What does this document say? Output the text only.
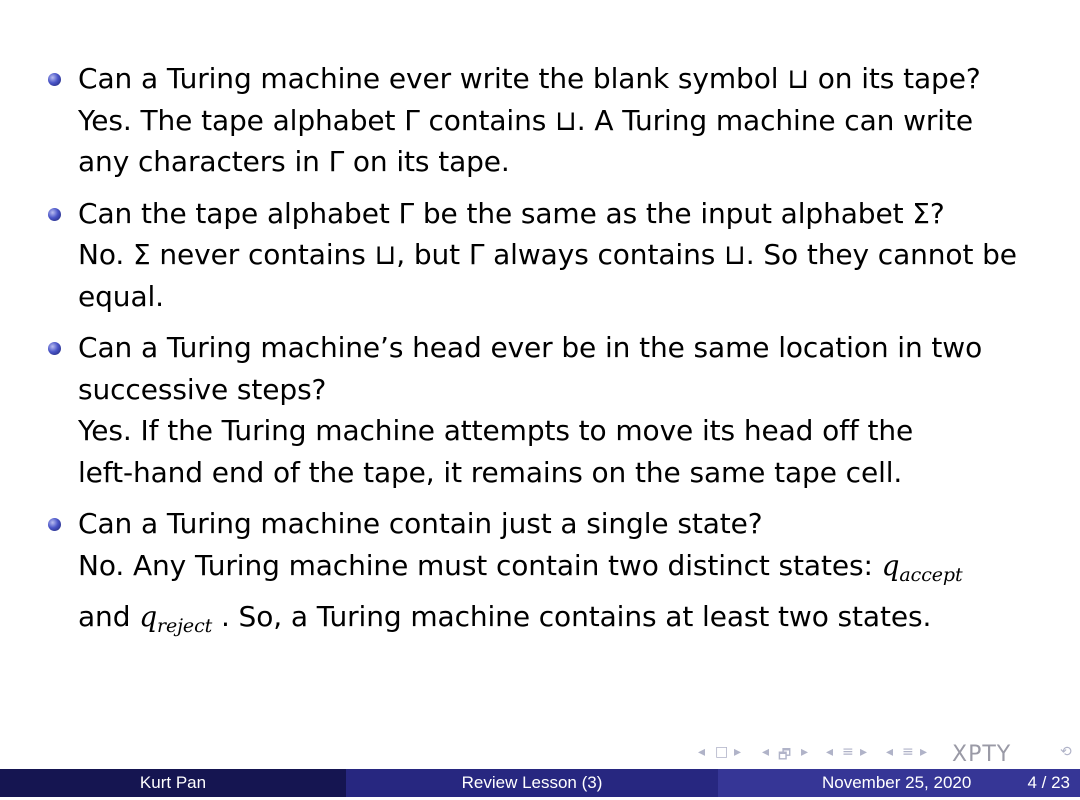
Can a Turing machine ever write the blank symbol ⊔ on its tape?
Yes. The tape alphabet Γ contains ⊔. A Turing machine can write
any characters in Γ on its tape.
Can the tape alphabet Γ be the same as the input alphabet Σ?
No. Σ never contains ⊔, but Γ always contains ⊔. So they cannot be
equal.
Can a Turing machine’s head ever be in the same location in two
successive steps?
Yes. If the Turing machine attempts to move its head off the
left-hand end of the tape, it remains on the same tape cell.
Can a Turing machine contain just a single state?
No. Any Turing machine must contain two distinct states: $q_{accept}$
and $q_{reject}$ . So, a Turing machine contains at least two states.
◂ □ ▸ ◂ 🗗 ▸ ◂ ≡ ▸ ◂ ≡ ▸	⟲
XPTY
Kurt Pan	Review Lesson (3)	November 25, 2020	4 / 23
